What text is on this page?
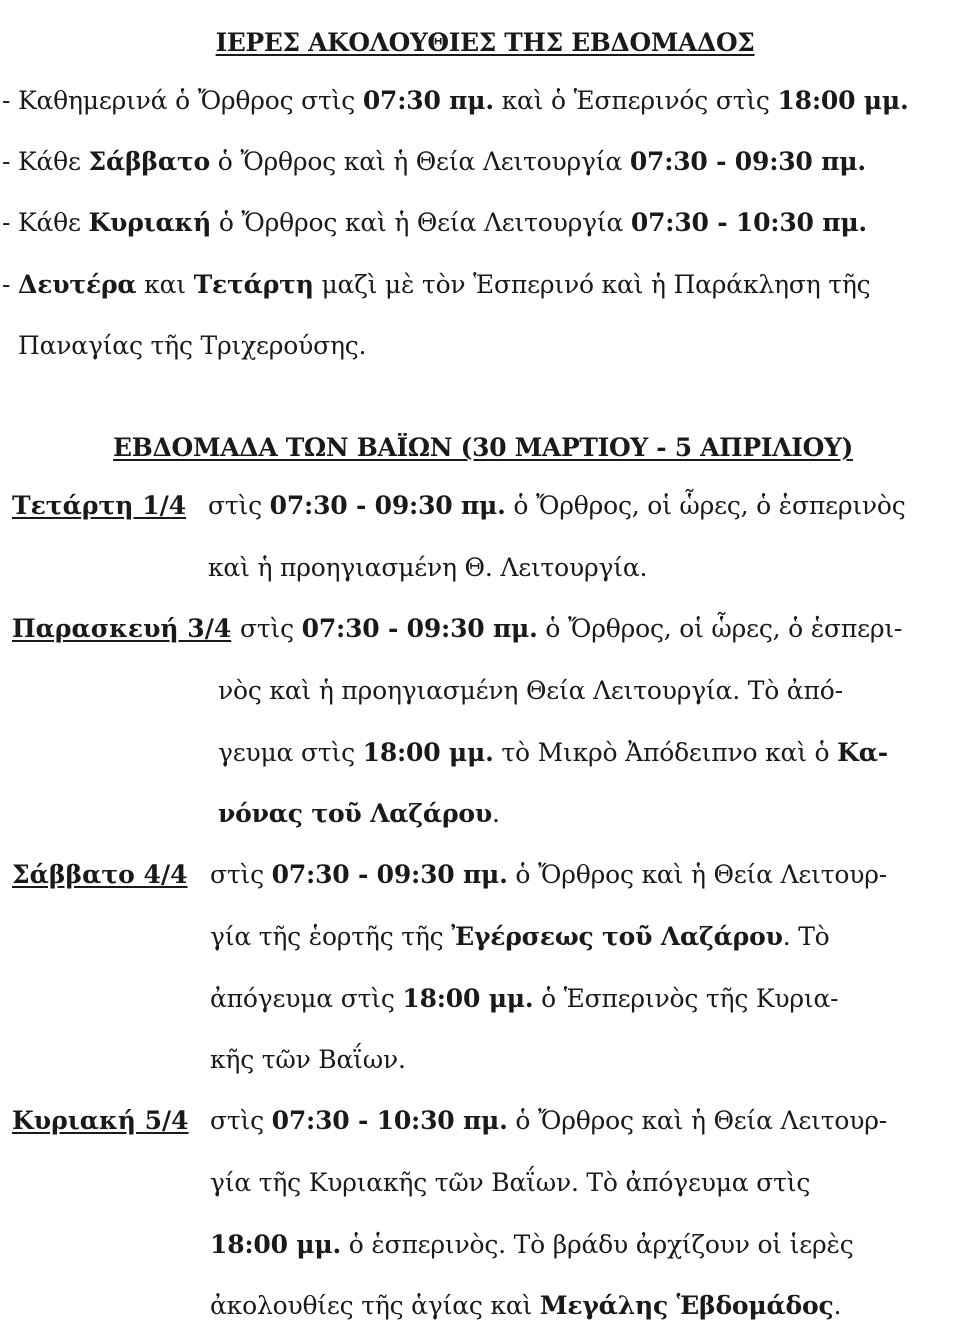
ΙΕΡΕΣ ΑΚΟΛΟΥΘΙΕΣ ΤΗΣ ΕΒΔΟΜΑΔΟΣ
- Καθημερινά ὁ Ὄρθρος στὶς 07:30 πμ. καὶ ὁ Ἑσπερινός στὶς 18:00 μμ.
- Κάθε Σάββατο ὁ Ὄρθρος καὶ ἡ Θεία Λειτουργία 07:30 - 09:30 πμ.
- Κάθε Κυριακή ὁ Ὄρθρος καὶ ἡ Θεία Λειτουργία 07:30 - 10:30 πμ.
- Δευτέρα και Τετάρτη μαζὶ μὲ τὸν Ἑσπερινό καὶ ἡ Παράκληση τῆς
Παναγίας τῆς Τριχερούσης.
ΕΒΔΟΜΑΔΑ ΤΩΝ ΒΑΪΩΝ (30 ΜΑΡΤΙΟΥ - 5 ΑΠΡΙΛΙΟΥ)
Τετάρτη 1/4 στὶς 07:30 - 09:30 πμ. ὁ Ὄρθρος, οἱ ὧρες, ὁ ἑσπερινὸς
καὶ ἡ προηγιασμένη Θ. Λειτουργία.
Παρασκευή 3/4 στὶς 07:30 - 09:30 πμ. ὁ Ὄρθρος, οἱ ὧρες, ὁ ἑσπερι-
νὸς καὶ ἡ προηγιασμένη Θεία Λειτουργία. Τὸ ἀπό-
γευμα στὶς 18:00 μμ. τὸ Μικρὸ Ἀπόδειπνο καὶ ὁ Κα-
νόνας τοῦ Λαζάρου.
Σάββατο 4/4 στὶς 07:30 - 09:30 πμ. ὁ Ὄρθρος καὶ ἡ Θεία Λειτουρ-
γία τῆς ἑορτῆς τῆς Ἐγέρσεως τοῦ Λαζάρου. Τὸ
ἀπόγευμα στὶς 18:00 μμ. ὁ Ἑσπερινὸς τῆς Κυρια-
κῆς τῶν Βαΐων.
Κυριακή 5/4 στὶς 07:30 - 10:30 πμ. ὁ Ὄρθρος καὶ ἡ Θεία Λειτουρ-
γία τῆς Κυριακῆς τῶν Βαΐων. Τὸ ἀπόγευμα στὶς
18:00 μμ. ὁ ἑσπερινὸς. Τὸ βράδυ ἀρχίζουν οἱ ἱερὲς
ἀκολουθίες τῆς ἁγίας καὶ Μεγάλης Ἑβδομάδος.
